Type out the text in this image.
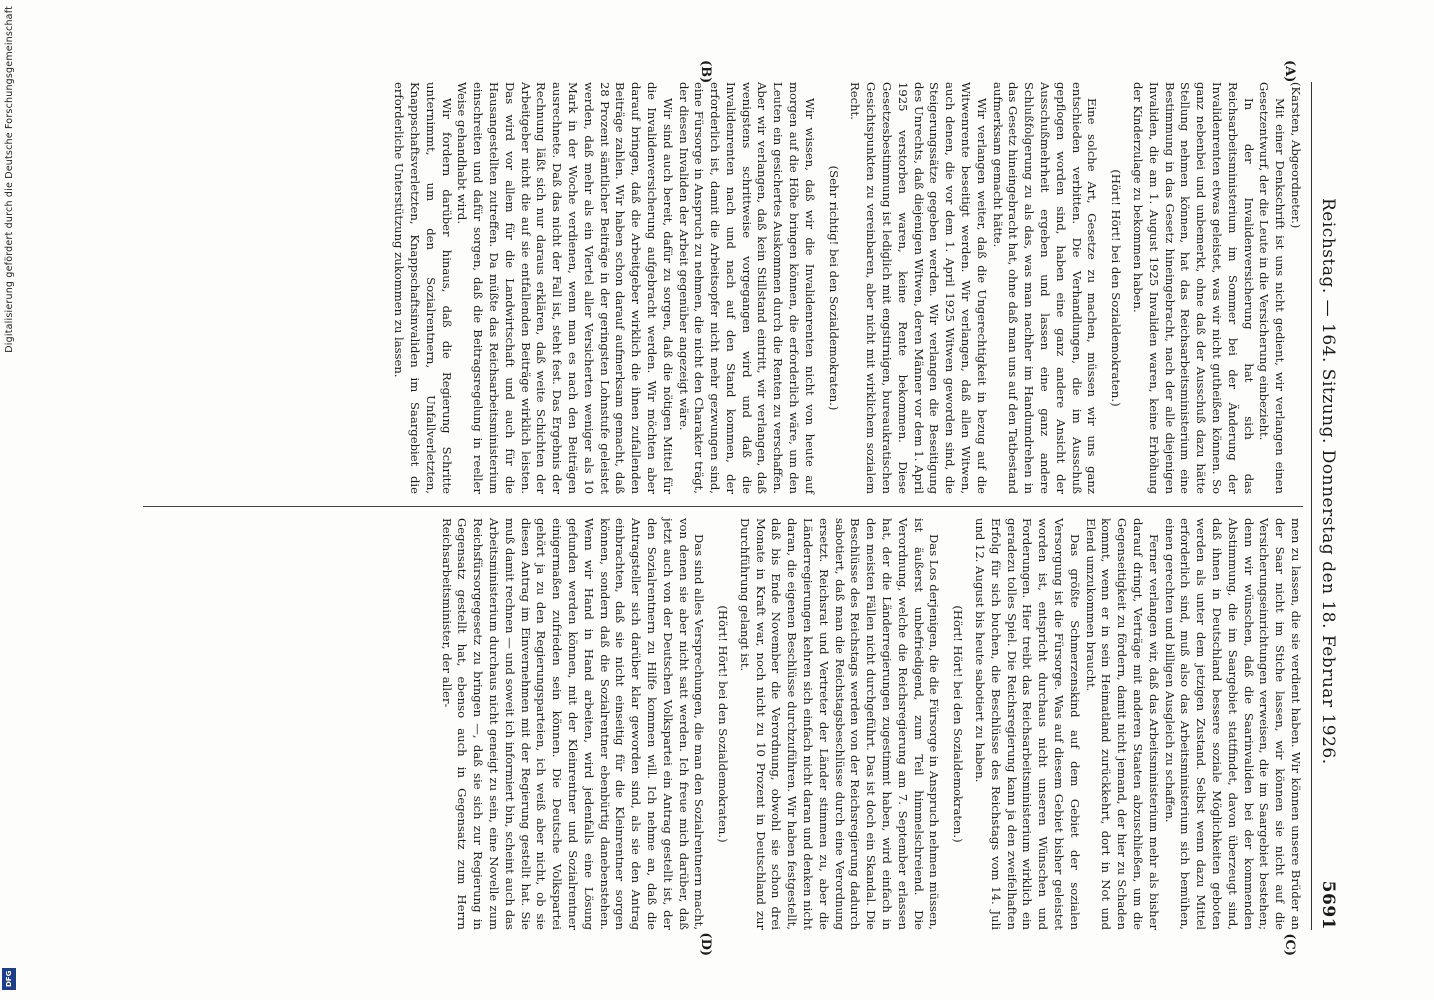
Digitalisierung gefördert durch die Deutsche Forschungsgemeinschaft
DFG
Reichstag. — 164. Sitzung. Donnerstag den 18. Februar 1926.
5691
(A)
(B)

(Karsten, Abgeordneter.)

Mit einer Denkschrift ist uns nicht gedient, wir verlangen einen Gesetzentwurf, der die Leute in die Versicherung einbezieht.

In der Invalidenversicherung hat sich das Reichsarbeitsministerium im Sommer bei der Änderung der Invalidenrenten etwas geleistet, was wir nicht gutheißen können. So ganz nebenbei und unbemerkt, ohne daß der Ausschuß dazu hätte Stellung nehmen können, hat das Reichsarbeitsministerium eine Bestimmung in das Gesetz hineingebracht, nach der alle diejenigen Invaliden, die am 1. August 1925 Invaliden waren, keine Erhöhung der Kinderzulage zu bekommen haben.

(Hört! Hört! bei den Sozialdemokraten.)

Eine solche Art, Gesetze zu machen, müssen wir uns ganz entschieden verbitten. Die Verhandlungen, die im Ausschuß gepflogen worden sind, haben eine ganz andere Ansicht der Ausschußmehrheit ergeben und lassen eine ganz andere Schlußfolgerung zu als das, was man nachher im Handumdrehen in das Gesetz hineingebracht hat, ohne daß man uns auf den Tatbestand aufmerksam gemacht hätte.

Wir verlangen weiter, daß die Ungerechtigkeit in bezug auf die Witwenrente beseitigt werden. Wir verlangen, daß allen Witwen, auch denen, die vor dem 1. April 1925 Witwen geworden sind, die Steigerungssätze gegeben werden. Wir verlangen die Beseitigung des Unrechts, daß diejenigen Witwen, deren Männer vor dem 1. April 1925 verstorben waren, keine Rente bekommen. Diese Gesetzesbestimmung ist lediglich mit engstirnigen, bureaukratischen Gesichtspunkten zu vereinbaren, aber nicht mit wirklichem sozialem Recht.

(Sehr richtig! bei den Sozialdemokraten.)

Wir wissen, daß wir die Invalidenrenten nicht von heute auf morgen auf die Höhe bringen können, die erforderlich wäre, um den Leuten ein gesichertes Auskommen durch die Renten zu verschaffen. Aber wir verlangen, daß kein Stillstand eintritt, wir verlangen, daß wenigstens schrittweise vorgegangen wird und daß die Invalidenrenten nach und nach auf den Stand kommen, der erforderlich ist, damit die Arbeitsopfer nicht mehr gezwungen sind, eine Fürsorge in Anspruch zu nehmen, die nicht den Charakter trägt, der diesen Invaliden der Arbeit gegenüber angezeigt wäre.

Wir sind auch bereit, dafür zu sorgen, daß die nötigen Mittel für die Invalidenversicherung aufgebracht werden. Wir möchten aber darauf bringen, daß die Arbeitgeber wirklich die ihnen zufallenden Beiträge zahlen. Wir haben schon darauf aufmerksam gemacht, daß 28 Prozent sämtlicher Beiträge in der geringsten Lohnstufe geleistet werden, daß mehr als ein Viertel aller Versicherten weniger als 10 Mark in der Woche verdienen, wenn man es nach den Beiträgen ausrechnete. Daß das nicht der Fall ist, steht fest. Das Ergebnis der Rechnung läßt sich nur daraus erklären, daß weite Schichten der Arbeitgeber nicht die auf sie entfallenden Beiträge wirklich leisten. Das wird vor allem für die Landwirtschaft und auch für die Hausangestellten zutreffen. Da müßte das Reichsarbeitsministerium einschreiten und dafür sorgen, daß die Beitragsregelung in reeller Weise gehandhabt wird.

Wir fordern darüber hinaus, daß die Regierung Schritte unternimmt, um den Sozialrentnern, Unfallverletzten, Knappschaftsverletzten, Knappschaftsinvaliden im Saargebiet die erforderliche Unterstützung zukommen zu lassen.

(C)
(D)

men zu lassen, die sie verdient haben. Wir können unsere Brüder an der Saar nicht im Stiche lassen, wir können sie nicht auf die Versicherungseinrichtungen verweisen, die im Saargebiet bestehen; denn wir wünschen, daß die Saarinvaliden bei der kommenden Abstimmung, die im Saargebiet stattfindet, davon überzeugt sind, daß ihnen in Deutschland bessere soziale Möglichkeiten geboten werden als unter dem jetzigen Zustand. Selbst wenn dazu Mittel erforderlich sind, muß also das Arbeitsministerium sich bemühen, einen gerechten und billigen Ausgleich zu schaffen.

Ferner verlangen wir, daß das Arbeitsministerium mehr als bisher darauf dringt, Verträge mit anderen Staaten abzuschließen, um die Gegenseitigkeit zu fördern, damit nicht jemand, der hier zu Schaden kommt, wenn er in sein Heimatland zurückkehrt, dort in Not und Elend umzukommen braucht.

Das größte Schmerzenskind auf dem Gebiet der sozialen Versorgung ist die Fürsorge. Was auf diesem Gebiet bisher geleistet worden ist, entspricht durchaus nicht unseren Wünschen und Forderungen. Hier treibt das Reichsarbeitsministerium wirklich ein geradezu tolles Spiel. Die Reichsregierung kann ja den zweifelhaften Erfolg für sich buchen, die Beschlüsse des Reichstags vom 14. Juli und 12. August bis heute sabotiert zu haben.

(Hört! Hört! bei den Sozialdemokraten.)

Das Los derjenigen, die die Fürsorge in Anspruch nehmen müssen, ist äußerst unbefriedigend, zum Teil himmelschreiend. Die Verordnung, welche die Reichsregierung am 7. September erlassen hat, der die Länderregierungen zugestimmt haben, wird einfach in den meisten Fällen nicht durchgeführt. Das ist doch ein Skandal. Die Beschlüsse des Reichstags werden von der Reichsregierung dadurch sabotiert, daß man die Reichstagsbeschlüsse durch eine Verordnung ersetzt. Reichsrat und Vertreter der Länder stimmen zu, aber die Länderregierungen kehren sich einfach nicht daran und denken nicht daran, die eigenen Beschlüsse durchzuführen. Wir haben festgestellt, daß bis Ende November die Verordnung, obwohl sie schon drei Monate in Kraft war, noch nicht zu 10 Prozent in Deutschland zur Durchführung gelangt ist.

(Hört! Hört! bei den Sozialdemokraten.)

Das sind alles Versprechungen, die man den Sozialrentnern macht, von denen sie aber nicht satt werden. Ich freue mich darüber, daß jetzt auch von der Deutschen Volkspartei ein Antrag gestellt ist, der den Sozialrentnern zu Hilfe kommen will. Ich nehme an, daß die Antragsteller sich darüber klar geworden sind, als sie den Antrag einbrachten, daß sie nicht einseitig für die Kleinrentner sorgen können, sondern daß die Sozialrentner ebenbürtig danebenstehen. Wenn wir Hand in Hand arbeiten, wird jedenfalls eine Lösung gefunden werden können, mit der Kleinrentner und Sozialrentner einigermaßen zufrieden sein können. Die Deutsche Volkspartei gehört ja zu den Regierungsparteien, ich weiß aber nicht, ob sie diesen Antrag im Einvernehmen mit der Regierung gestellt hat. Sie muß damit rechnen — und soweit ich informiert bin, scheint auch das Arbeitsministerium durchaus nicht geneigt zu sein, eine Novelle zum Reichsfürsorgegesetz zu bringen —, daß sie sich zur Regierung in Gegensatz gestellt hat, ebenso auch in Gegensatz zum Herrn Reichsarbeitsminister, der aller-
